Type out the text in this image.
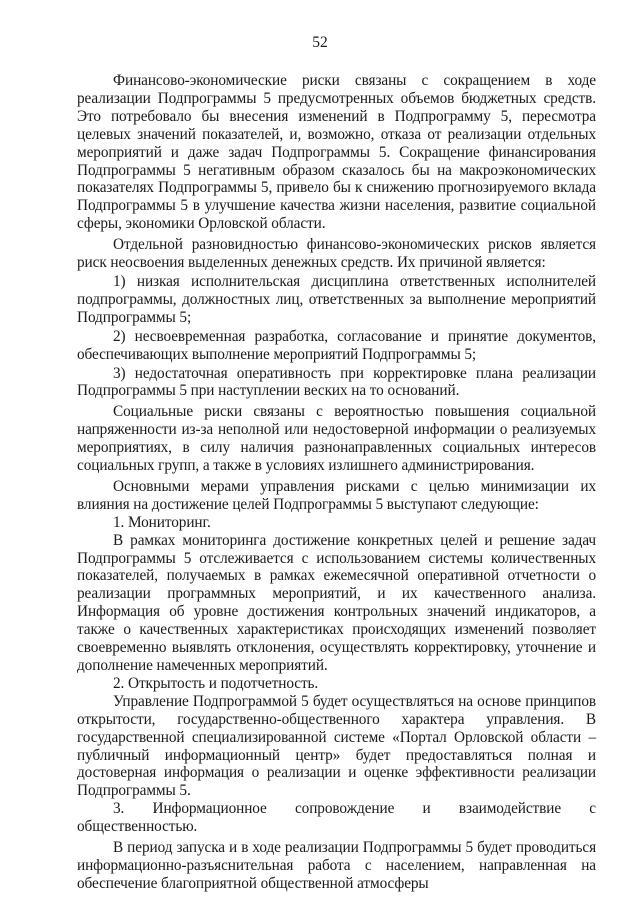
52

Финансово-экономические риски связаны с сокращением в ходе реализации Подпрограммы 5 предусмотренных объемов бюджетных средств. Это потребовало бы внесения изменений в Подпрограмму 5, пересмотра целевых значений показателей, и, возможно, отказа от реализации отдельных мероприятий и даже задач Подпрограммы 5. Сокращение финансирования Подпрограммы 5 негативным образом сказалось бы на макроэкономических показателях Подпрограммы 5, привело бы к снижению прогнозируемого вклада Подпрограммы 5 в улучшение качества жизни населения, развитие социальной сферы, экономики Орловской области.

Отдельной разновидностью финансово-экономических рисков является риск неосвоения выделенных денежных средств. Их причиной является:

1) низкая исполнительская дисциплина ответственных исполнителей подпрограммы, должностных лиц, ответственных за выполнение мероприятий Подпрограммы 5;

2) несвоевременная разработка, согласование и принятие документов, обеспечивающих выполнение мероприятий Подпрограммы 5;

3) недостаточная оперативность при корректировке плана реализации Подпрограммы 5 при наступлении веских на то оснований.

Социальные риски связаны с вероятностью повышения социальной напряженности из-за неполной или недостоверной информации о реализуемых мероприятиях, в силу наличия разнонаправленных социальных интересов социальных групп, а также в условиях излишнего администрирования.

Основными мерами управления рисками с целью минимизации их влияния на достижение целей Подпрограммы 5 выступают следующие:

1. Мониторинг.

В рамках мониторинга достижение конкретных целей и решение задач Подпрограммы 5 отслеживается с использованием системы количественных показателей, получаемых в рамках ежемесячной оперативной отчетности о реализации программных мероприятий, и их качественного анализа. Информация об уровне достижения контрольных значений индикаторов, а также о качественных характеристиках происходящих изменений позволяет своевременно выявлять отклонения, осуществлять корректировку, уточнение и дополнение намеченных мероприятий.

2. Открытость и подотчетность.

Управление Подпрограммой 5 будет осуществляться на основе принципов открытости, государственно-общественного характера управления. В государственной специализированной системе «Портал Орловской области – публичный информационный центр» будет предоставляться полная и достоверная информация о реализации и оценке эффективности реализации Подпрограммы 5.

3. Информационное сопровождение и взаимодействие с общественностью.

В период запуска и в ходе реализации Подпрограммы 5 будет проводиться информационно-разъяснительная работа с населением, направленная на обеспечение благоприятной общественной атмосферы
